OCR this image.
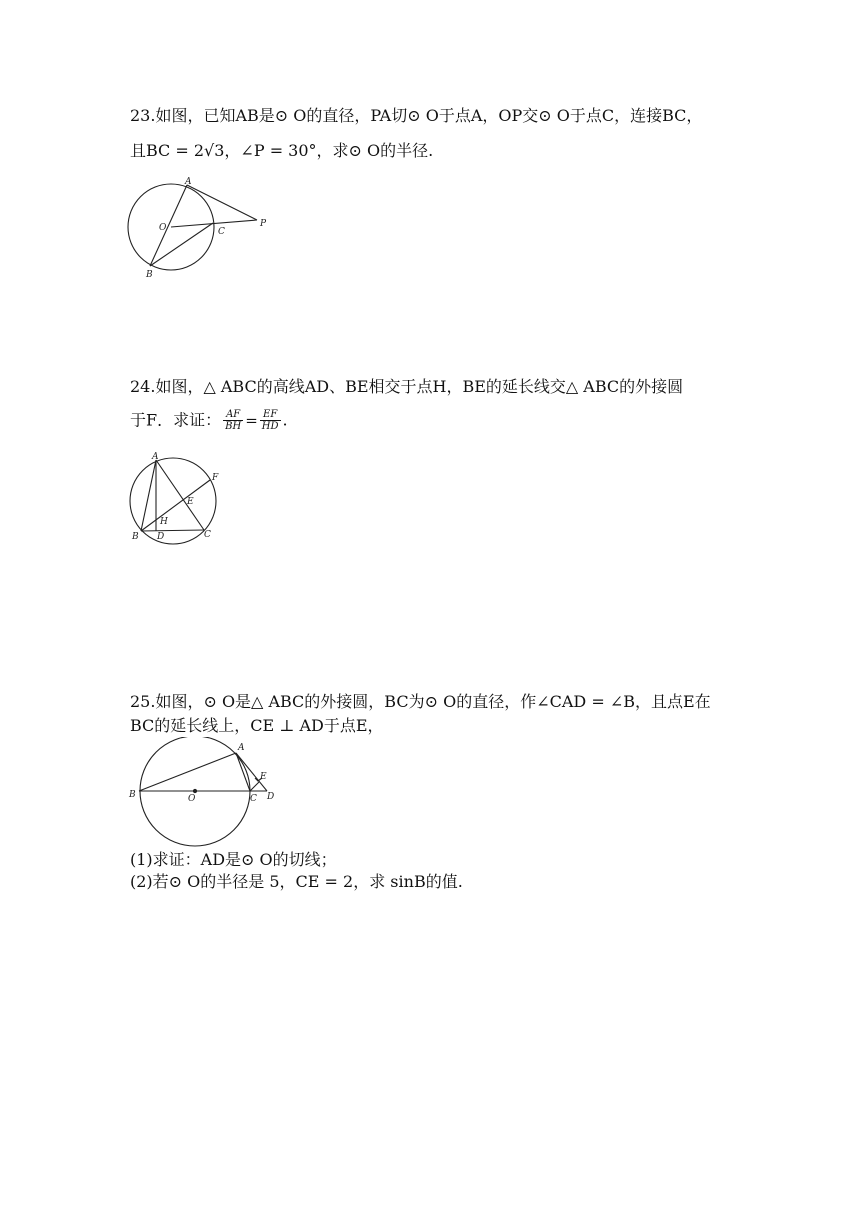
23.如图，已知AB是⊙ O的直径，PA切⊙ O于点A，OP交⊙ O于点C，连接BC，
且BC = 2√3，∠P = 30°，求⊙ O的半径.
A
O	C
P
B
24.如图，△ ABC的高线AD、BE相交于点H，BE的延长线交△ ABC的外接圆
于F．求证： $\frac{AF}{BH} = \frac{EF}{HD}$ .
A
F
E
H
B D	C
25.如图，⊙ O是△ ABC的外接圆，BC为⊙ O的直径，作∠CAD = ∠B，且点E在
BC的延长线上，CE ⊥ AD于点E，
A
E
B	O	C D
(1)求证：AD是⊙ O的切线；
(2)若⊙ O的半径是 5，CE = 2，求 sinB的值.
